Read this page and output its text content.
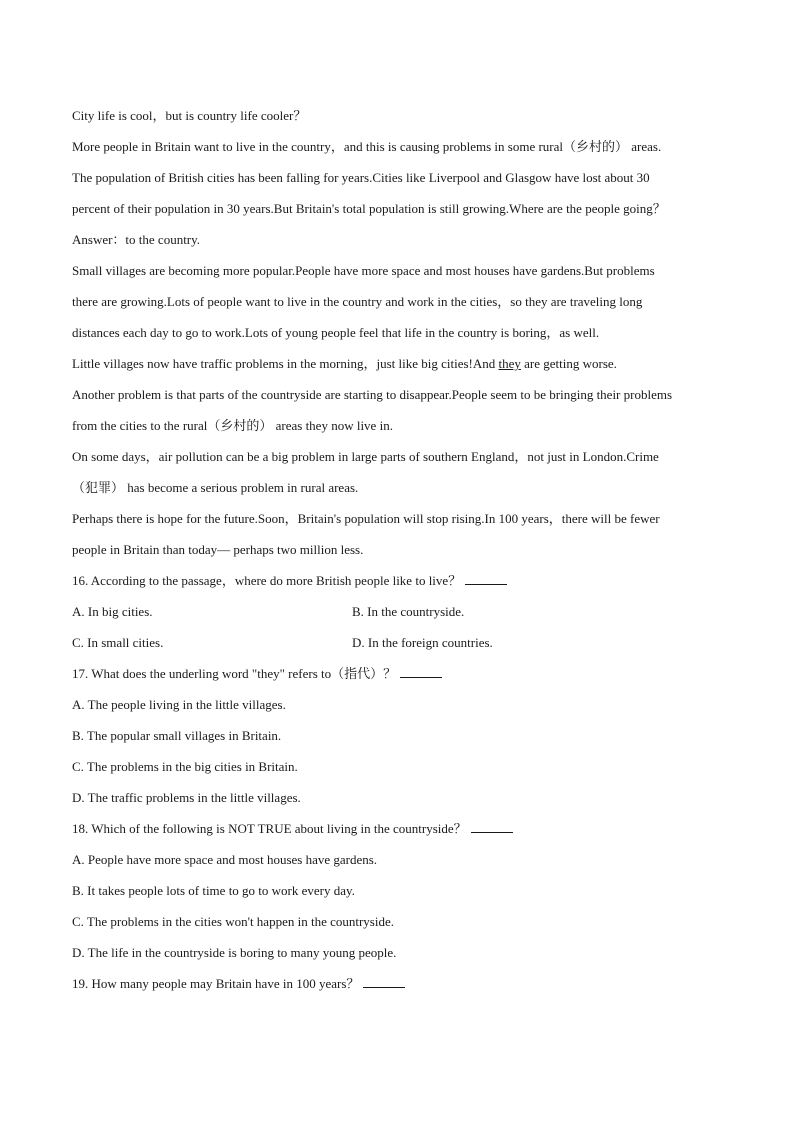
City life is cool，but is country life cooler？
More people in Britain want to live in the country，and this is causing problems in some rural（乡村的） areas.
The population of British cities has been falling for years.Cities like Liverpool and Glasgow have lost about 30
percent of their population in 30 years.But Britain's total population is still growing.Where are the people going？
Answer：to the country.
Small villages are becoming more popular.People have more space and most houses have gardens.But problems
there are growing.Lots of people want to live in the country and work in the cities，so they are traveling long
distances each day to go to work.Lots of young people feel that life in the country is boring，as well.
Little villages now have traffic problems in the morning，just like big cities!And they are getting worse.
Another problem is that parts of the countryside are starting to disappear.People seem to be bringing their problems
from the cities to the rural（乡村的） areas they now live in.
On some days，air pollution can be a big problem in large parts of southern England，not just in London.Crime
（犯罪） has become a serious problem in rural areas.
Perhaps there is hope for the future.Soon，Britain's population will stop rising.In 100 years，there will be fewer
people in Britain than today— perhaps two million less.
16. According to the passage，where do more British people like to live？
A. In big cities.	B. In the countryside.
C. In small cities.	D. In the foreign countries.
17. What does the underling word "they" refers to（指代）？
A. The people living in the little villages.
B. The popular small villages in Britain.
C. The problems in the big cities in Britain.
D. The traffic problems in the little villages.
18. Which of the following is NOT TRUE about living in the countryside？
A. People have more space and most houses have gardens.
B. It takes people lots of time to go to work every day.
C. The problems in the cities won't happen in the countryside.
D. The life in the countryside is boring to many young people.
19. How many people may Britain have in 100 years？
